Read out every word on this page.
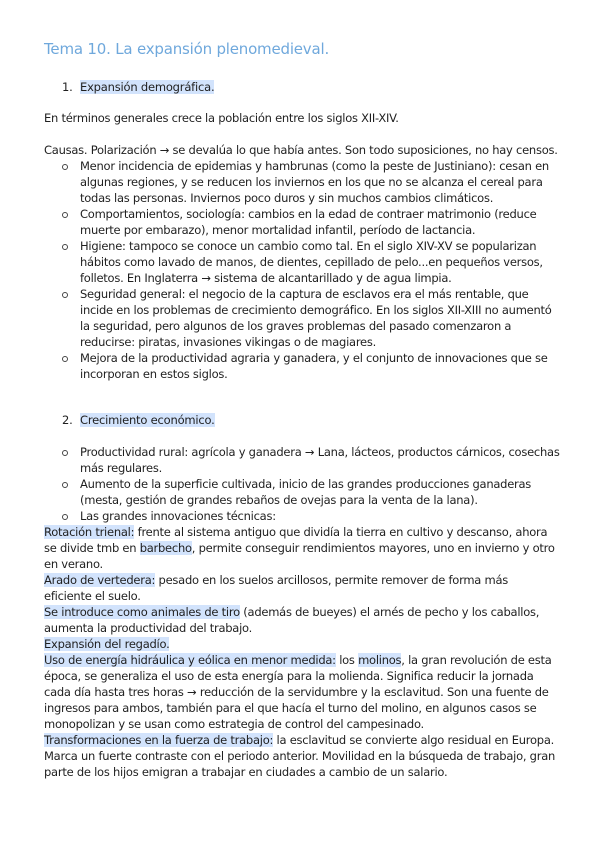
Tema 10. La expansión plenomedieval.
1. Expansión demográfica.

En términos generales crece la población entre los siglos XII-XIV.

Causas. Polarización → se devalúa lo que había antes. Son todo suposiciones, no hay censos.

Menor incidencia de epidemias y hambrunas (como la peste de Justiniano): cesan en algunas regiones, y se reducen los inviernos en los que no se alcanza el cereal para todas las personas. Inviernos poco duros y sin muchos cambios climáticos.
Comportamientos, sociología: cambios en la edad de contraer matrimonio (reduce muerte por embarazo), menor mortalidad infantil, período de lactancia.
Higiene: tampoco se conoce un cambio como tal. En el siglo XIV-XV se popularizan hábitos como lavado de manos, de dientes, cepillado de pelo...en pequeños versos, folletos. En Inglaterra → sistema de alcantarillado y de agua limpia.
Seguridad general: el negocio de la captura de esclavos era el más rentable, que incide en los problemas de crecimiento demográfico. En los siglos XII-XIII no aumentó la seguridad, pero algunos de los graves problemas del pasado comenzaron a reducirse: piratas, invasiones vikingas o de magiares.
Mejora de la productividad agraria y ganadera, y el conjunto de innovaciones que se incorporan en estos siglos.
2. Crecimiento económico.
Productividad rural: agrícola y ganadera → Lana, lácteos, productos cárnicos, cosechas más regulares.
Aumento de la superficie cultivada, inicio de las grandes producciones ganaderas (mesta, gestión de grandes rebaños de ovejas para la venta de la lana).
Las grandes innovaciones técnicas:

Rotación trienal: frente al sistema antiguo que dividía la tierra en cultivo y descanso, ahora se divide tmb en barbecho, permite conseguir rendimientos mayores, uno en invierno y otro en verano.

Arado de vertedera: pesado en los suelos arcillosos, permite remover de forma más eficiente el suelo.

Se introduce como animales de tiro (además de bueyes) el arnés de pecho y los caballos, aumenta la productividad del trabajo.

Expansión del regadío.

Uso de energía hidráulica y eólica en menor medida: los molinos, la gran revolución de esta época, se generaliza el uso de esta energía para la molienda. Significa reducir la jornada cada día hasta tres horas → reducción de la servidumbre y la esclavitud. Son una fuente de ingresos para ambos, también para el que hacía el turno del molino, en algunos casos se monopolizan y se usan como estrategia de control del campesinado.

Transformaciones en la fuerza de trabajo: la esclavitud se convierte algo residual en Europa. Marca un fuerte contraste con el periodo anterior. Movilidad en la búsqueda de trabajo, gran parte de los hijos emigran a trabajar en ciudades a cambio de un salario.
